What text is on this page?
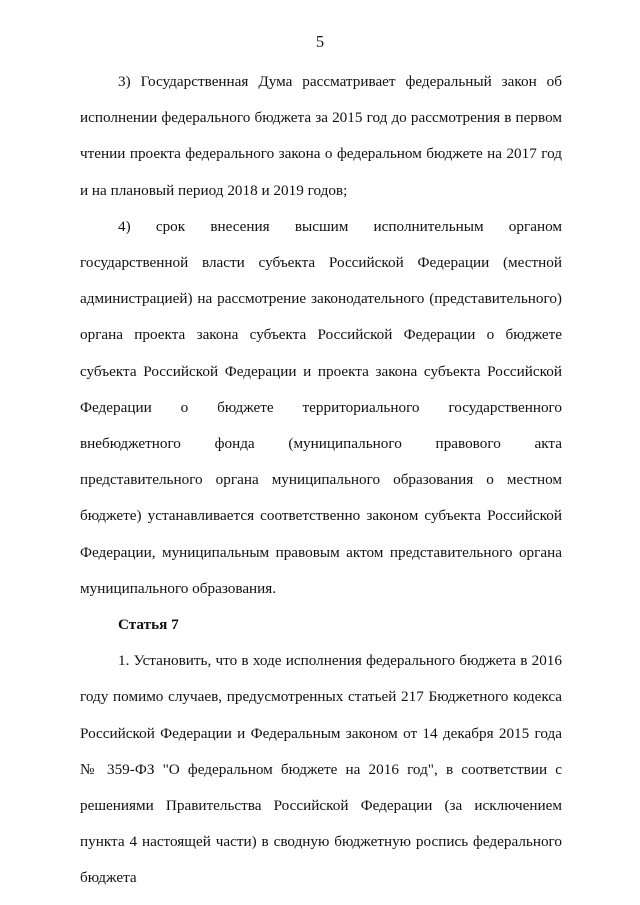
5

3) Государственная Дума рассматривает федеральный закон об исполнении федерального бюджета за 2015 год до рассмотрения в первом чтении проекта федерального закона о федеральном бюджете на 2017 год и на плановый период 2018 и 2019 годов;

4) срок внесения высшим исполнительным органом государственной власти субъекта Российской Федерации (местной администрацией) на рассмотрение законодательного (представительного) органа проекта закона субъекта Российской Федерации о бюджете субъекта Российской Федерации и проекта закона субъекта Российской Федерации о бюджете территориального государственного внебюджетного фонда (муниципального правового акта представительного органа муниципального образования о местном бюджете) устанавливается соответственно законом субъекта Российской Федерации, муниципальным правовым актом представительного органа муниципального образования.

Статья 7

1. Установить, что в ходе исполнения федерального бюджета в 2016 году помимо случаев, предусмотренных статьей 217 Бюджетного кодекса Российской Федерации и Федеральным законом от 14 декабря 2015 года № 359-ФЗ "О федеральном бюджете на 2016 год", в соответствии с решениями Правительства Российской Федерации (за исключением пункта 4 настоящей части) в сводную бюджетную роспись федерального бюджета
